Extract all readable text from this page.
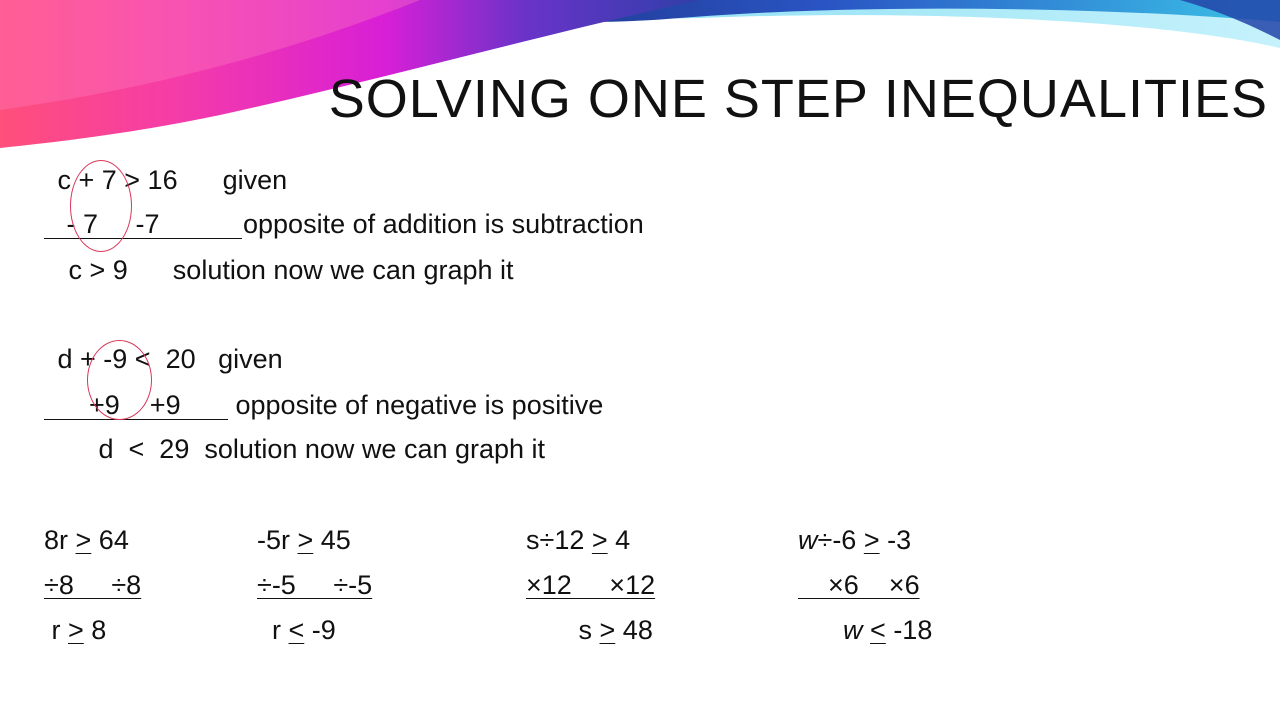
SOLVING ONE STEP INEQUALITIES
c + 7 > 16      given
- 7     -7	opposite of addition is subtraction
c > 9      solution now we can graph it
d + -9 <  20   given
+9    +9 opposite of negative is positive
d  <  29  solution now we can graph it
8r > 64
÷8     ÷8
r > 8
-5r > 45
÷-5     ÷-5
r < -9
s÷12 > 4
×12     ×12
s > 48
w÷-6 > -3
×6    ×6
w < -18
